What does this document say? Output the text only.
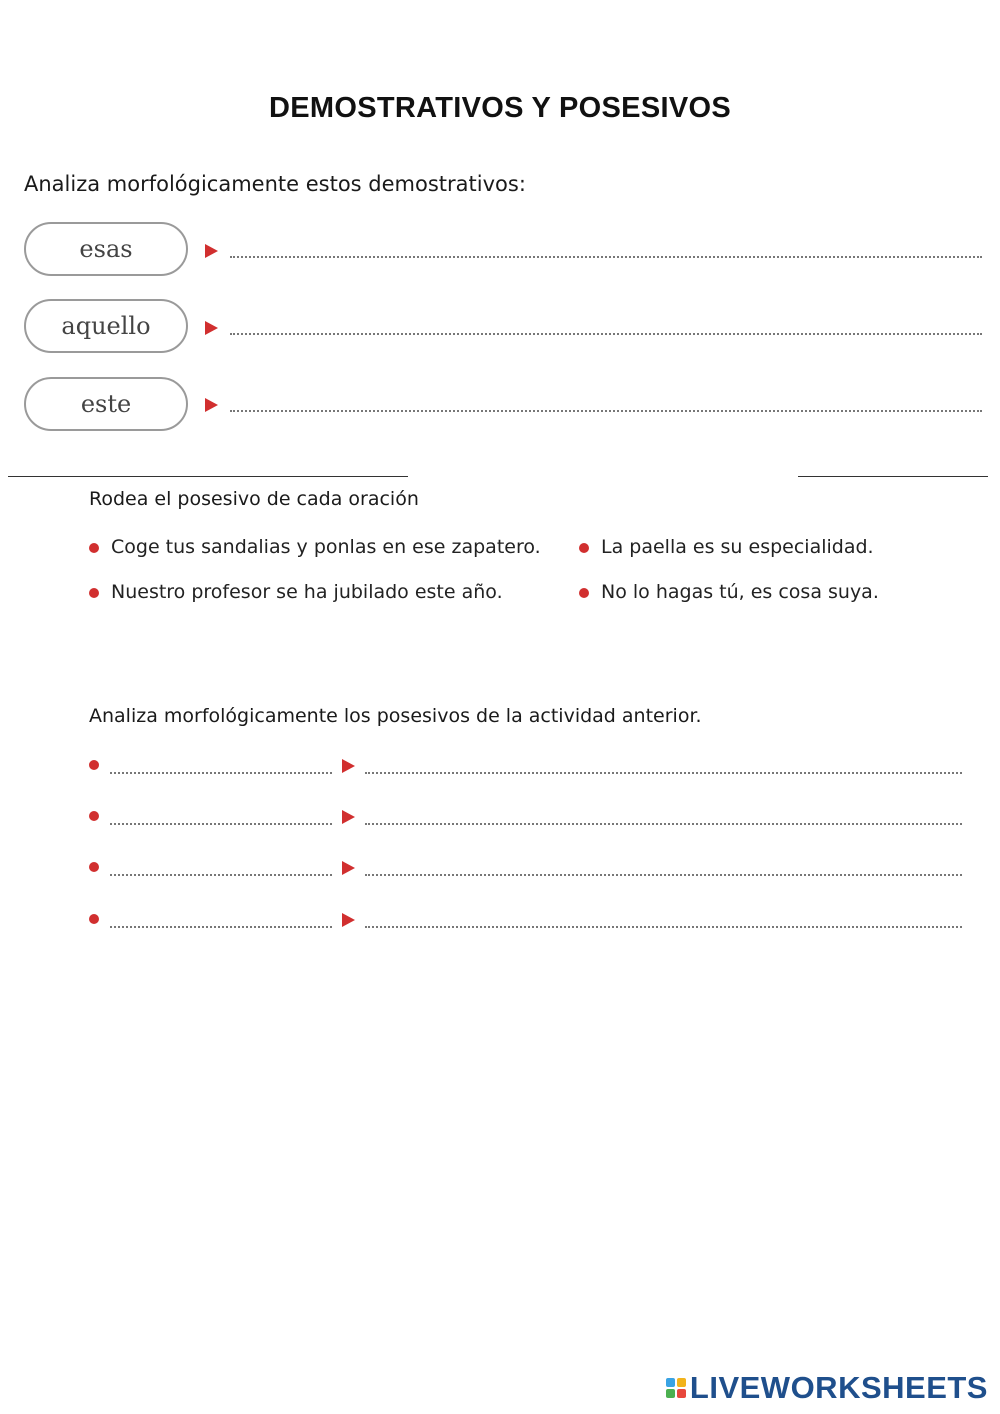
DEMOSTRATIVOS Y POSESIVOS
Analiza morfológicamente estos demostrativos:
esas
aquello
este
Rodea el posesivo de cada oración
Coge tus sandalias y ponlas en ese zapatero.
Nuestro profesor se ha jubilado este año.
La paella es su especialidad.
No lo hagas tú, es cosa suya.
Analiza morfológicamente los posesivos de la actividad anterior.
LIVEWORKSHEETS
